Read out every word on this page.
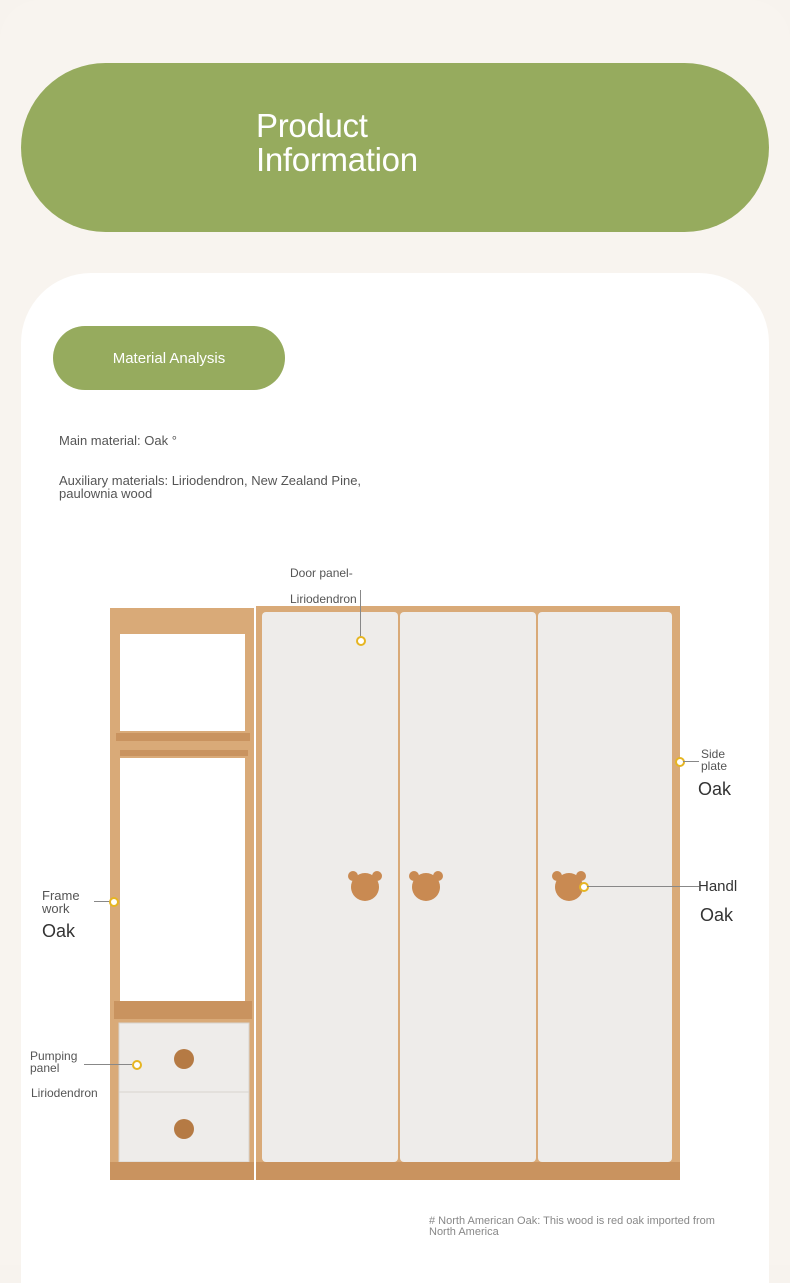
Product
Information
Material Analysis
Main material: Oak °
Auxiliary materials: Liriodendron, New Zealand Pine, paulownia wood
Door panel-
Liriodendron
Side plate
Oak
Frame work
Oak
Handl
Oak
Pumping panel
Liriodendron
# North American Oak: This wood is red oak imported from North America
